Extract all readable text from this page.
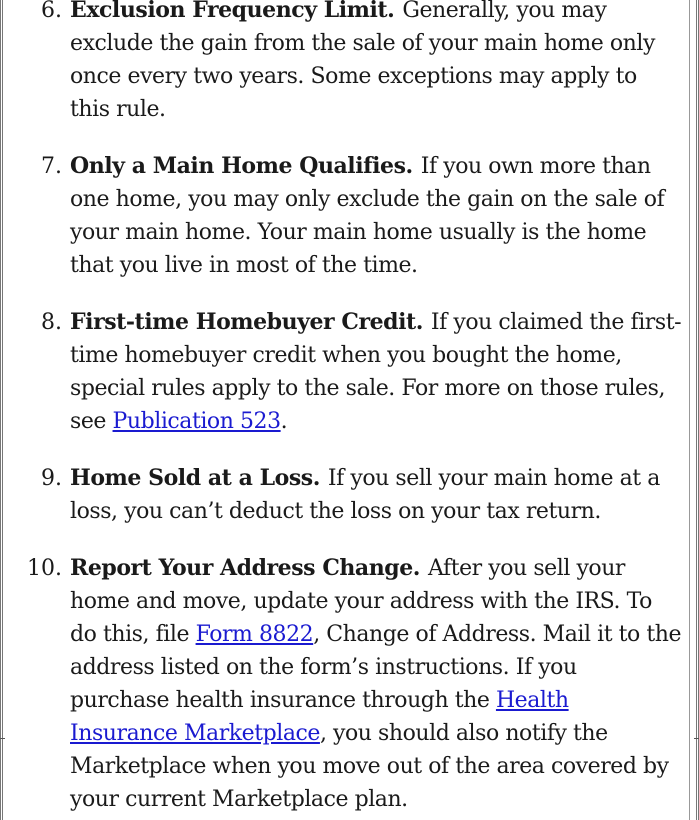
6. Exclusion Frequency Limit. Generally, you may exclude the gain from the sale of your main home only once every two years. Some exceptions may apply to this rule.
7. Only a Main Home Qualifies. If you own more than one home, you may only exclude the gain on the sale of your main home. Your main home usually is the home that you live in most of the time.
8. First-time Homebuyer Credit. If you claimed the first-time homebuyer credit when you bought the home, special rules apply to the sale. For more on those rules, see Publication 523.
9. Home Sold at a Loss. If you sell your main home at a loss, you can’t deduct the loss on your tax return.
10. Report Your Address Change. After you sell your home and move, update your address with the IRS. To do this, file Form 8822, Change of Address. Mail it to the address listed on the form’s instructions. If you purchase health insurance through the Health Insurance Marketplace, you should also notify the Marketplace when you move out of the area covered by your current Marketplace plan.
